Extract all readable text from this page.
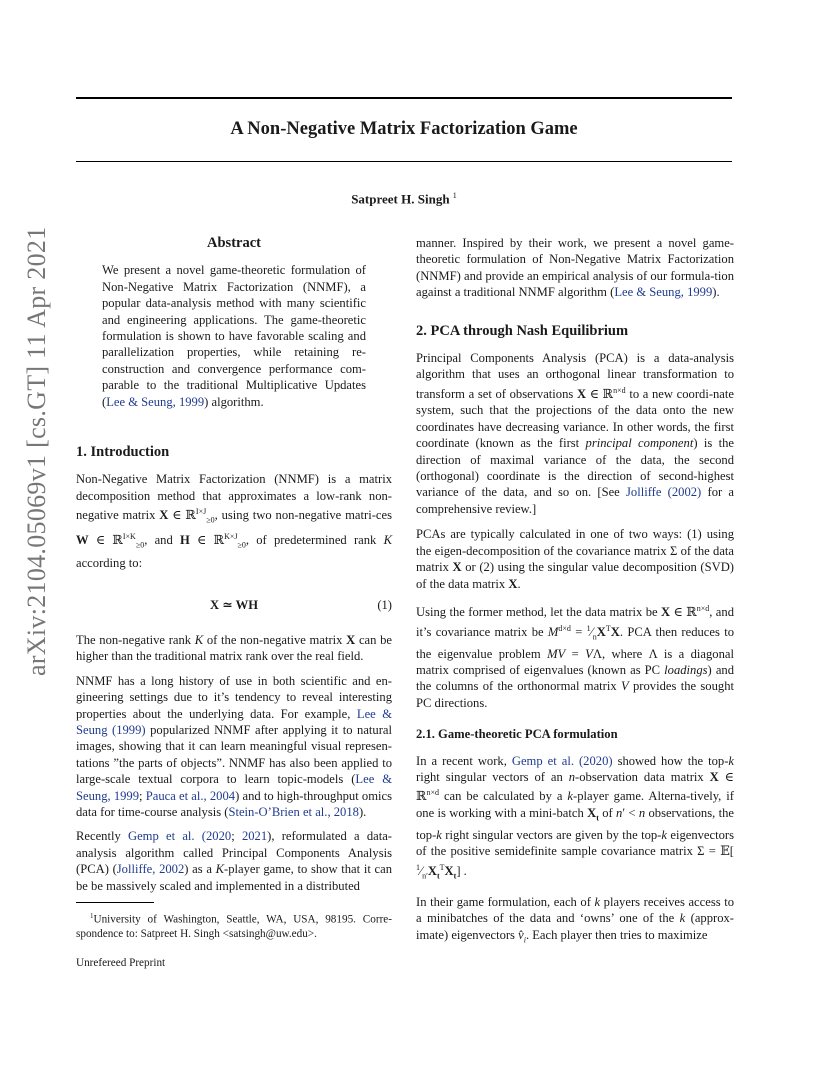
A Non-Negative Matrix Factorization Game
Satpreet H. Singh $^1$
arXiv:2104.05069v1 [cs.GT] 11 Apr 2021	Abstract

We present a novel game-theoretic formulation of Non-Negative Matrix Factorization (NNMF), a popular data-analysis method with many scientific and engineering applications. The game-theoretic formulation is shown to have favorable scaling and parallelization properties, while retaining re-construction and convergence performance com-parable to the traditional Multiplicative Updates (Lee & Seung, 1999) algorithm.

1. Introduction

Non-Negative Matrix Factorization (NNMF) is a matrix decomposition method that approximates a low-rank non-negative matrix X ∈ ℝ$^{I\times J}_{\ge 0}$, using two non-negative matri-ces W ∈ ℝ$^{I\times K}_{\ge 0}$, and H ∈ ℝ$^{K\times J}_{\ge 0}$, of predetermined rank K according to:

X ≃ WH	(1)

The non-negative rank K of the non-negative matrix X can be higher than the traditional matrix rank over the real field.

NNMF has a long history of use in both scientific and en-gineering settings due to it’s tendency to reveal interesting properties about the underlying data. For example, Lee & Seung (1999) popularized NNMF after applying it to natural images, showing that it can learn meaningful visual represen-tations ”the parts of objects”. NNMF has also been applied to large-scale textual corpora to learn topic-models (Lee & Seung, 1999; Pauca et al., 2004) and to high-throughput omics data for time-course analysis (Stein-O’Brien et al., 2018).

Recently Gemp et al. (2020; 2021), reformulated a data-analysis algorithm called Principal Components Analysis (PCA) (Jolliffe, 2002) as a K-player game, to show that it can be be massively scaled and implemented in a distributed

$^1$University of Washington, Seattle, WA, USA, 98195. Corre-spondence to: Satpreet H. Singh <satsingh@uw.edu>.

Unrefereed Preprint

manner. Inspired by their work, we present a novel game-theoretic formulation of Non-Negative Matrix Factorization (NNMF) and provide an empirical analysis of our formula-tion against a traditional NNMF algorithm (Lee & Seung, 1999).

2. PCA through Nash Equilibrium

Principal Components Analysis (PCA) is a data-analysis algorithm that uses an orthogonal linear transformation to transform a set of observations X ∈ ℝ$^{n\times d}$ to a new coordi-nate system, such that the projections of the data onto the new coordinates have decreasing variance. In other words, the first coordinate (known as the first principal component) is the direction of maximal variance of the data, the second (orthogonal) coordinate is the direction of second-highest variance of the data, and so on. [See Jolliffe (2002) for a comprehensive review.]

PCAs are typically calculated in one of two ways: (1) using the eigen-decomposition of the covariance matrix Σ of the data matrix X or (2) using the singular value decomposition (SVD) of the data matrix X.

Using the former method, let the data matrix be X ∈ ℝ$^{n\times d}$, and it’s covariance matrix be $M^{d\times d}$ = $^1⁄_nX^TX$. PCA then reduces to the eigenvalue problem MV = VΛ, where Λ is a diagonal matrix comprised of eigenvalues (known as PC loadings) and the columns of the orthonormal matrix V provides the sought PC directions.

2.1. Game-theoretic PCA formulation

In a recent work, Gemp et al. (2020) showed how the top-k right singular vectors of an n-observation data matrix X ∈ ℝ$^{n\times d}$ can be calculated by a k-player game. Alterna-tively, if one is working with a mini-batch $X_t$ of n′ < n observations, the top-k right singular vectors are given by the top-k eigenvectors of the positive semidefinite sample covariance matrix Σ = 𝔼[ $^1⁄_{n'}X_t^TX_t$] .

In their game formulation, each of k players receives access to a minibatches of the data and ‘owns’ one of the k (approx-imate) eigenvectors $v̂_i$. Each player then tries to maximize
